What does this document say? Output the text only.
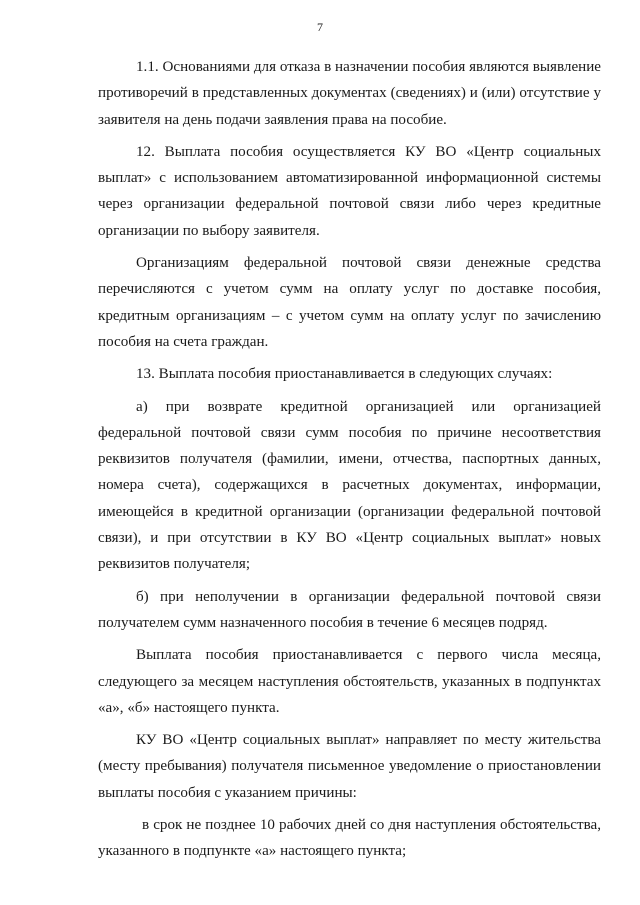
7

1.1. Основаниями для отказа в назначении пособия являются выявление противоречий в представленных документах (сведениях) и (или) отсутствие у заявителя на день подачи заявления права на пособие.

12. Выплата пособия осуществляется КУ ВО «Центр социальных выплат» с использованием автоматизированной информационной системы через организации федеральной почтовой связи либо через кредитные организации по выбору заявителя.

Организациям федеральной почтовой связи денежные средства перечисляются с учетом сумм на оплату услуг по доставке пособия, кредитным организациям – с учетом сумм на оплату услуг по зачислению пособия на счета граждан.

13. Выплата пособия приостанавливается в следующих случаях:

а) при возврате кредитной организацией или организацией федеральной почтовой связи сумм пособия по причине несоответствия реквизитов получателя (фамилии, имени, отчества, паспортных данных, номера счета), содержащихся в расчетных документах, информации, имеющейся в кредитной организации (организации федеральной почтовой связи), и при отсутствии в КУ ВО «Центр социальных выплат» новых реквизитов получателя;

б) при неполучении в организации федеральной почтовой связи получателем сумм назначенного пособия в течение 6 месяцев подряд.

Выплата пособия приостанавливается с первого числа месяца, следующего за месяцем наступления обстоятельств, указанных в подпунктах «а», «б» настоящего пункта.

КУ ВО «Центр социальных выплат» направляет по месту жительства (месту пребывания) получателя письменное уведомление о приостановлении выплаты пособия с указанием причины:

в срок не позднее 10 рабочих дней со дня наступления обстоятельства, указанного в подпункте «а» настоящего пункта;
